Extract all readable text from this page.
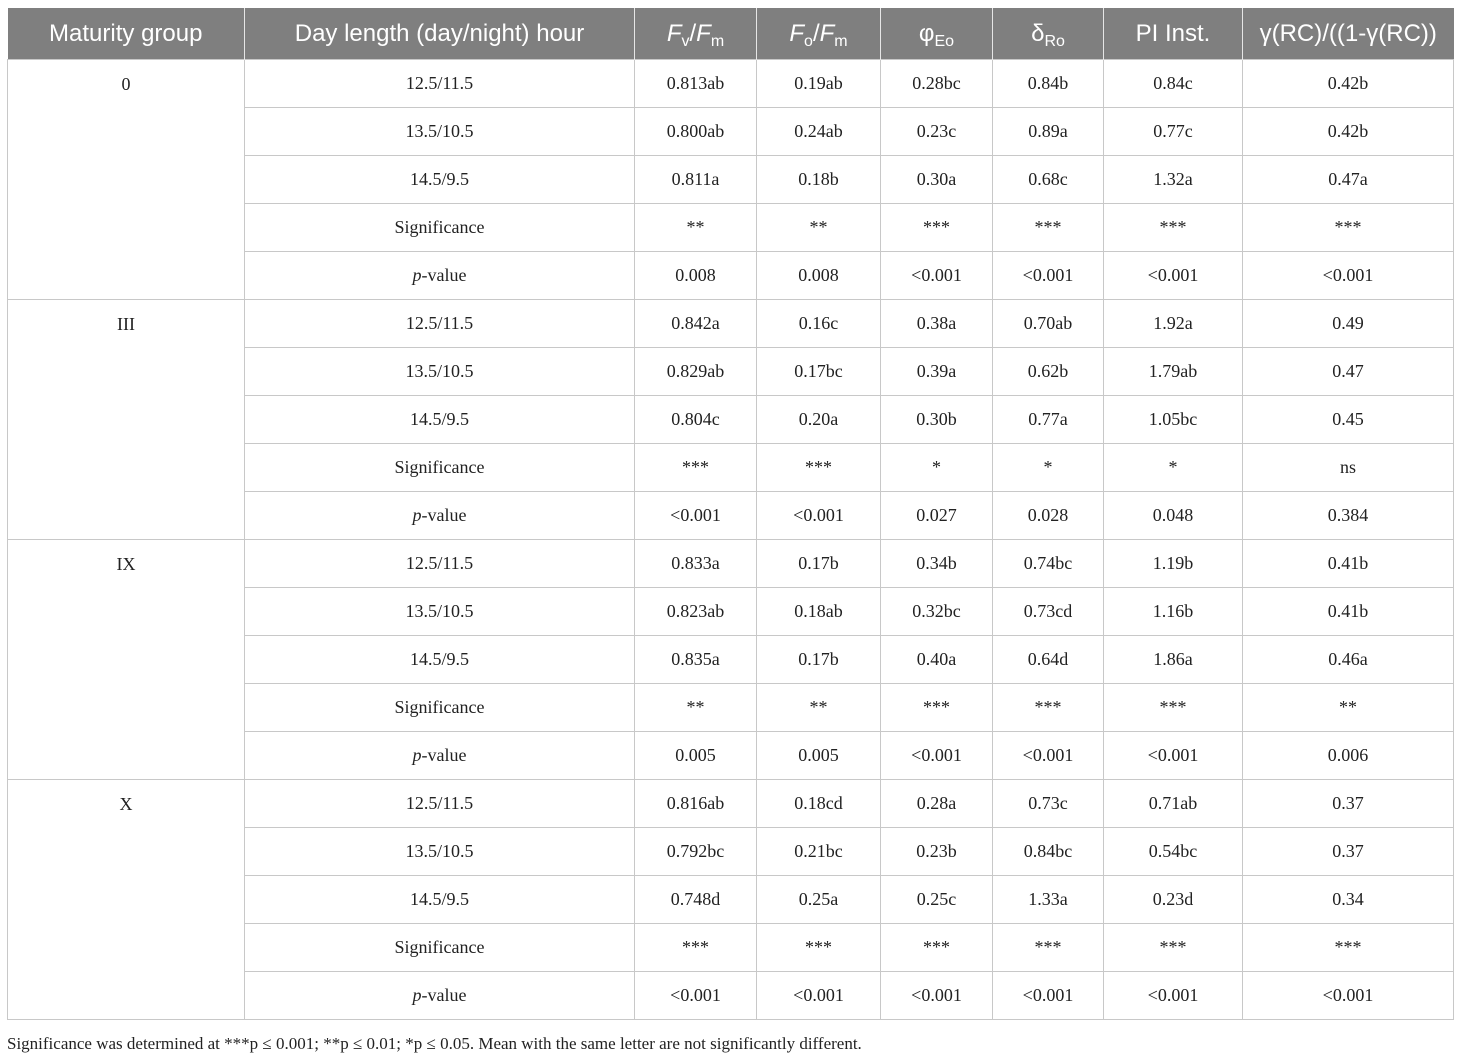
Maturity group	Day length (day/night) hour	$F_v/F_m$	$F_o/F_m$	$\varphi_{Eo}$	$\delta_{Ro}$	PI Inst.	γ(RC)/((1-γ(RC))
0	12.5/11.5	0.813ab	0.19ab	0.28bc	0.84b	0.84c	0.42b
	13.5/10.5	0.800ab	0.24ab	0.23c	0.89a	0.77c	0.42b
	14.5/9.5	0.811a	0.18b	0.30a	0.68c	1.32a	0.47a
	Significance	**	**	***	***	***	***
	p-value	0.008	0.008	<0.001	<0.001	<0.001	<0.001
III	12.5/11.5	0.842a	0.16c	0.38a	0.70ab	1.92a	0.49
	13.5/10.5	0.829ab	0.17bc	0.39a	0.62b	1.79ab	0.47
	14.5/9.5	0.804c	0.20a	0.30b	0.77a	1.05bc	0.45
	Significance	***	***	*	*	*	ns
	p-value	<0.001	<0.001	0.027	0.028	0.048	0.384
IX	12.5/11.5	0.833a	0.17b	0.34b	0.74bc	1.19b	0.41b
	13.5/10.5	0.823ab	0.18ab	0.32bc	0.73cd	1.16b	0.41b
	14.5/9.5	0.835a	0.17b	0.40a	0.64d	1.86a	0.46a
	Significance	**	**	***	***	***	**
	p-value	0.005	0.005	<0.001	<0.001	<0.001	0.006
X	12.5/11.5	0.816ab	0.18cd	0.28a	0.73c	0.71ab	0.37
	13.5/10.5	0.792bc	0.21bc	0.23b	0.84bc	0.54bc	0.37
	14.5/9.5	0.748d	0.25a	0.25c	1.33a	0.23d	0.34
	Significance	***	***	***	***	***	***
	p-value	<0.001	<0.001	<0.001	<0.001	<0.001	<0.001
Significance was determined at ***p ≤ 0.001; **p ≤ 0.01; *p ≤ 0.05. Mean with the same letter are not significantly different.
